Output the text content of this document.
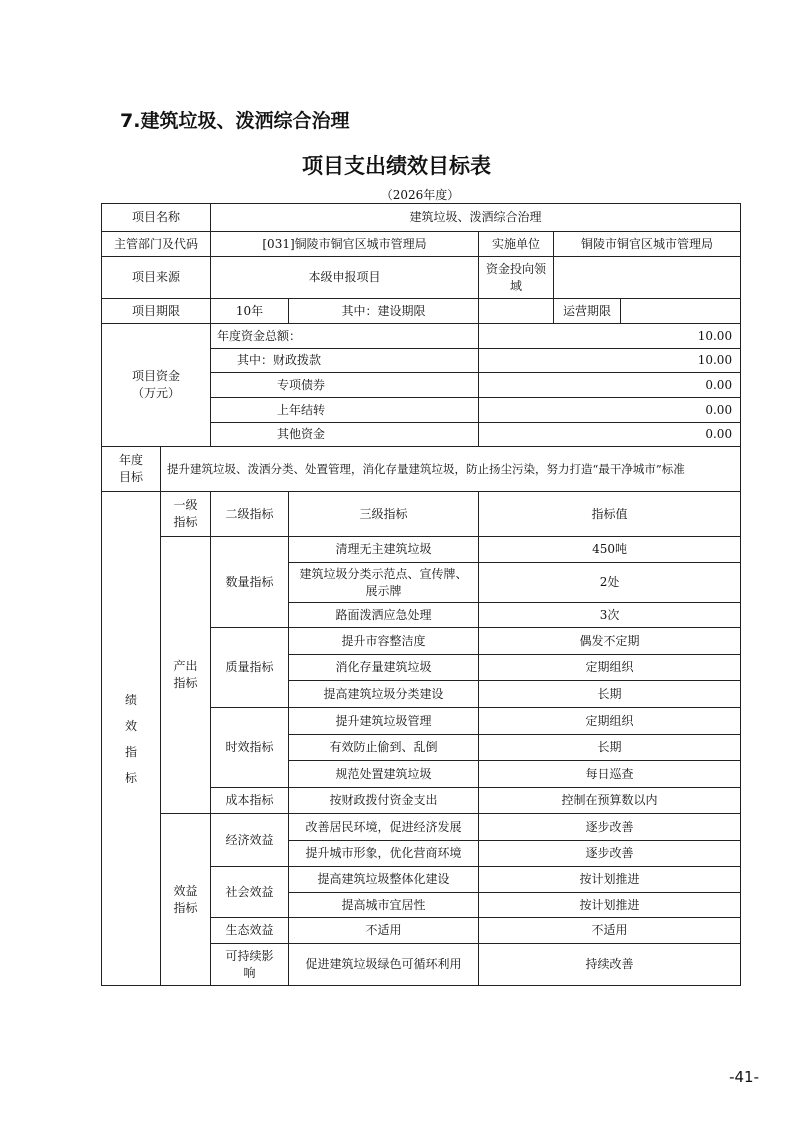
7.建筑垃圾、泼洒综合治理
项目支出绩效目标表
（2026年度）
项目名称		建筑垃圾、泼洒综合治理				
主管部门及代码		[031]铜陵市铜官区城市管理局		实施单位	铜陵市铜官区城市管理局	
项目来源		本级申报项目		资金投向领域		
项目期限		10年	其中：建设期限		运营期限	
项目资金（万元）		年度资金总额：		10.00		
		其中：财政拨款		10.00		
		专项债券		0.00		
		上年结转		0.00		
		其他资金		0.00		
年度目标	提升建筑垃圾、泼洒分类、处置管理，消化存量建筑垃圾，防止扬尘污染，努力打造“最干净城市”标准					
绩效指标	一级指标	二级指标	三级指标	指标值		
	产出指标	数量指标	清理无主建筑垃圾	450吨		
			建筑垃圾分类示范点、宣传牌、展示牌	2处		
			路面泼洒应急处理	3次		
		质量指标	提升市容整洁度	偶发不定期		
			消化存量建筑垃圾	定期组织		
			提高建筑垃圾分类建设	长期		
		时效指标	提升建筑垃圾管理	定期组织		
			有效防止偷到、乱倒	长期		
			规范处置建筑垃圾	每日巡查		
		成本指标	按财政拨付资金支出	控制在预算数以内		
	效益指标	经济效益	改善居民环境，促进经济发展	逐步改善		
			提升城市形象，优化营商环境	逐步改善		
		社会效益	提高建筑垃圾整体化建设	按计划推进		
			提高城市宜居性	按计划推进		
		生态效益	不适用	不适用		
		可持续影响	促进建筑垃圾绿色可循环利用	持续改善		
-41-
